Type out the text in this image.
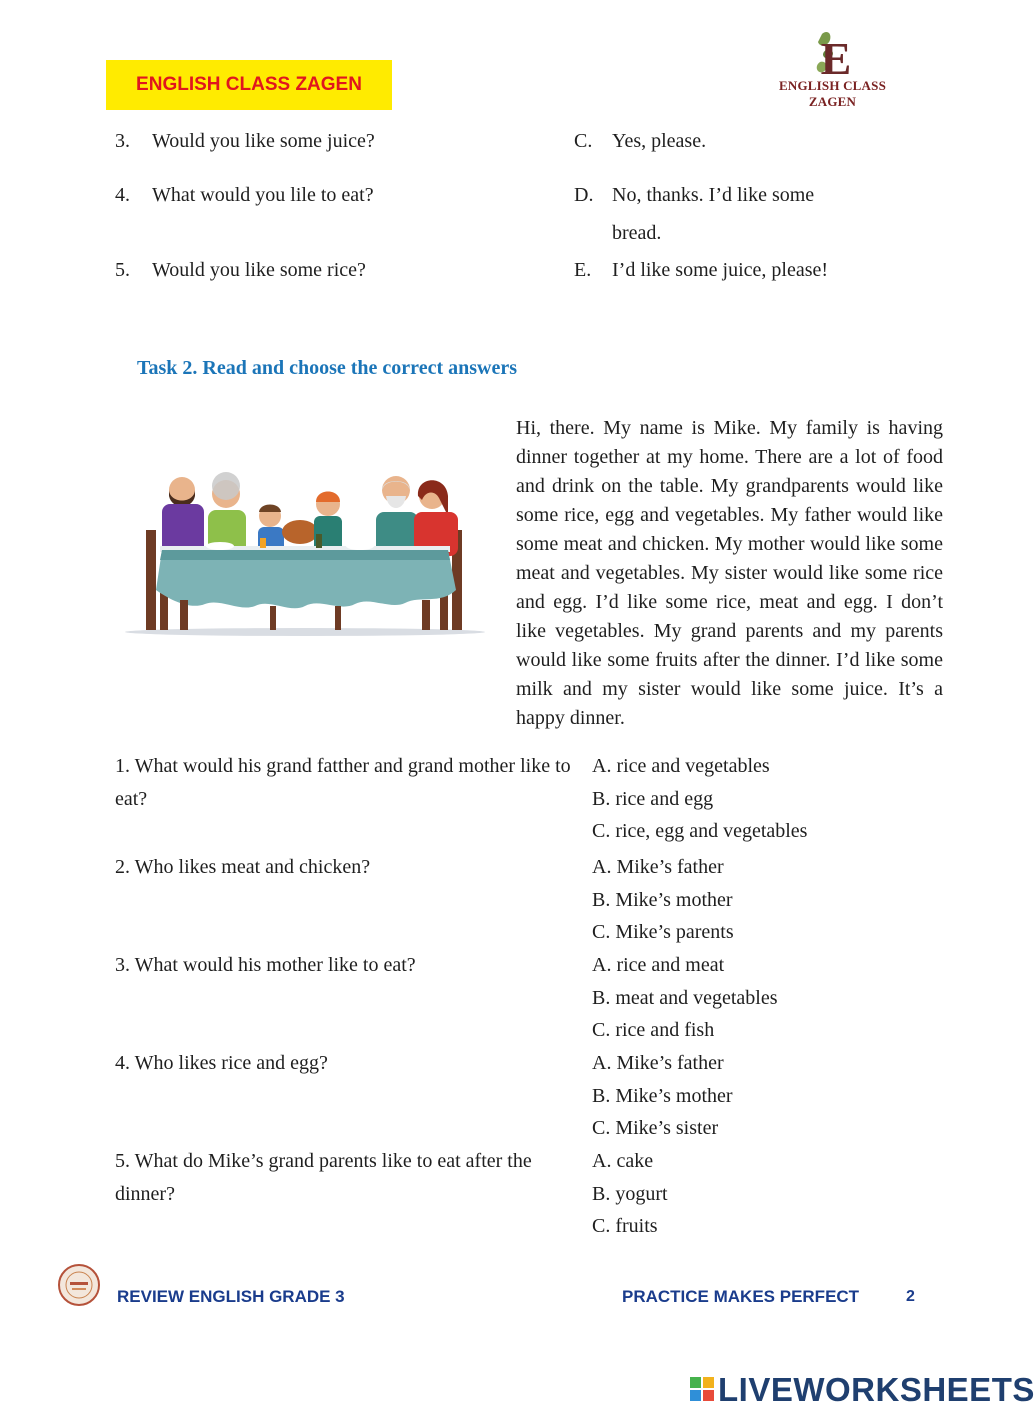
ENGLISH CLASS ZAGEN
E
ENGLISH CLASS ZAGEN
3. Would you like some juice?	C. Yes, please.
4. What would you lile to eat?	D. No, thanks. I’d like some
bread.
5. Would you like some rice?	E. I’d like some juice, please!
Task 2. Read and choose the correct answers
Hi, there. My name is Mike. My family is having dinner together at my home. There are a lot of food and drink on the table. My grandparents would like some rice, egg and vegetables. My father would like some meat and chicken. My mother would like some meat and vegetables. My sister would like some rice and egg. I’d like some rice, meat and egg. I don’t like vegetables. My grand parents and my parents would like some fruits after the dinner. I’d like some milk and my sister would like some juice. It’s a happy dinner.
1. What would his grand fatther and grand mother like to eat?
A. rice and vegetables
B. rice and egg
C. rice, egg and vegetables
2. Who likes meat and chicken?	A. Mike’s father
B. Mike’s mother
C. Mike’s parents
3. What would his mother like to eat?	A. rice and meat
B. meat and vegetables
C. rice and fish
4. Who likes rice and egg?	A. Mike’s father
B. Mike’s mother
C. Mike’s sister
5. What do Mike’s grand parents like to eat after the dinner?
A. cake
B. yogurt
C. fruits
REVIEW ENGLISH GRADE 3	PRACTICE MAKES PERFECT	2
LIVEWORKSHEETS
